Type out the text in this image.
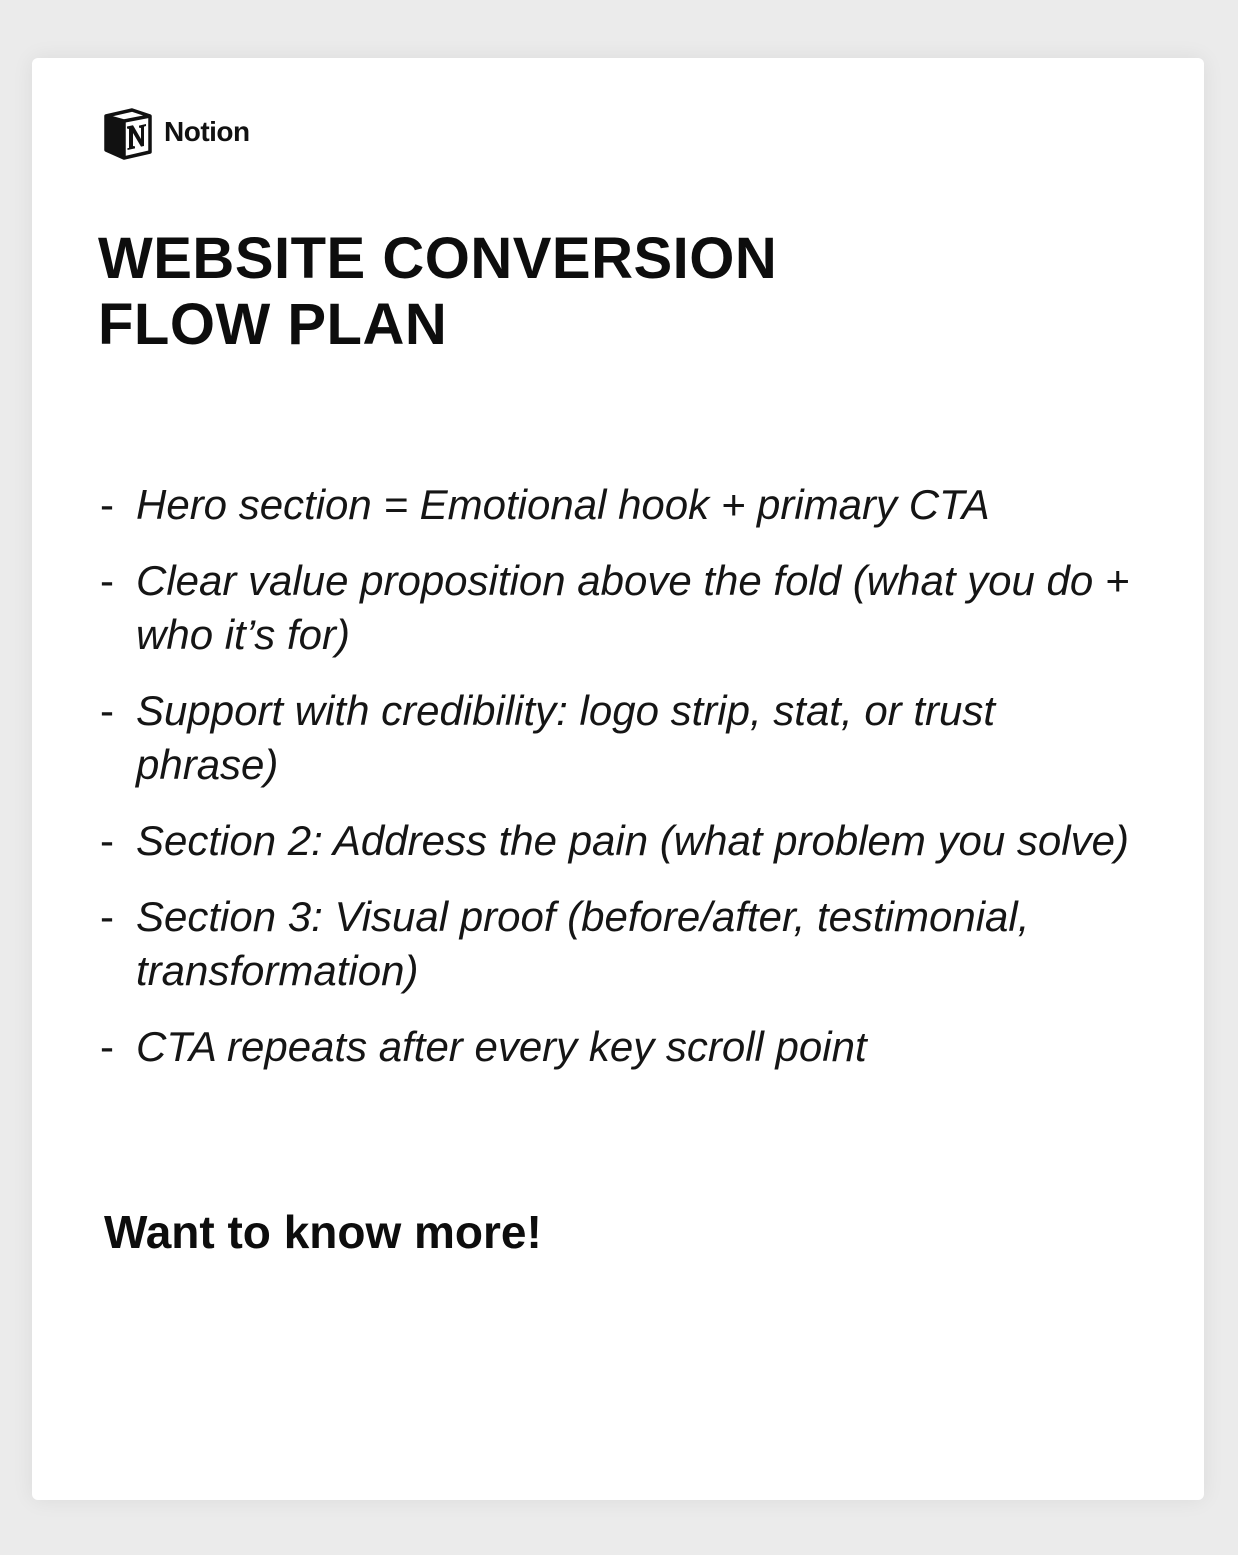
Notion
WEBSITE CONVERSION
FLOW PLAN
- Hero section = Emotional hook + primary CTA
- Clear value proposition above the fold (what you do + who it’s for)
- Support with credibility: logo strip, stat, or trust phrase)
- Section 2: Address the pain (what problem you solve)
- Section 3: Visual proof (before/after, testimonial, transformation)
- CTA repeats after every key scroll point

Want to know more!
